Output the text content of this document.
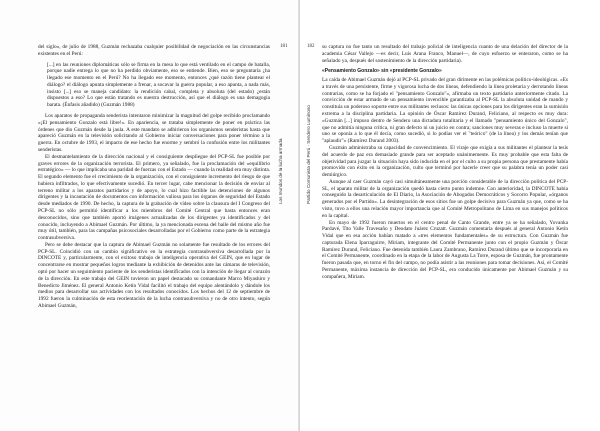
del siglo», de julio de 1988, Guzmán rechazaba cualquier posibilidad de negociación en las circunstancias existentes en el Perú:

[...] en las reuniones diplomáticas sólo se firma en la mesa lo que está ventilado en el campo de batalla, porque nadie entrega lo que no ha perdido obviamente, eso se entiende. Bien, eso se preguntaría ¿ha llegado ese momento en el Perú? No ha llegado ese momento, entonces ¿qué razón tiene plantear el diálogo? el diálogo apunta simplemente a frenar, a socavar la guerra popular, a eso apunta, a nada más, insisto [...] eso se maneja candidato: la rendición cabal, completa y absoluta (del estado) ¿están dispuestos a eso? Lo que están tratando es nuestra destrucción, así que el diálogo es una demagogia barata. (Énfasis añadido) (Guzmán 1988)

Los aparatos de propaganda senderista intentaron minimizar la magnitud del golpe recibido proclamando «¡El pensamiento Gonzalo está libre!». En apariencia, se trataba simplemente de poner en práctica las órdenes que dio Guzmán desde la jaula. A este mandato se adhirieron los organismos senderistas hasta que apareció Guzmán en la televisión solicitando al Gobierno iniciar conversaciones para poner término a la guerra. En octubre de 1993, el impacto de ese hecho fue enorme y sembró la confusión entre los militantes senderistas.

El desmantelamiento de la dirección nacional y el consiguiente despliegue del PCP-SL fue posible por graves errores de la organización terrorista. El primero, ya señalado, fue la proclamación del «equilibrio estratégico» — lo que implicaba una paridad de fuerzas con el Estado — cuando la realidad era muy distinta. El segundo elemento fue el crecimiento de la organización, con el consiguiente incremento del riesgo de que hubiera infiltrados, lo que efectivamente sucedió. En tercer lugar, cabe mencionar la decisión de enviar al terreno militar a los aparatos partidarios y de apoyo, lo cual hizo factible las detenciones de algunos dirigentes y la incautación de documentos con información valiosa para los órganos de seguridad del Estado desde mediados de 1990. De hecho, la captura de la grabación de vídeo sobre la clausura del I Congreso del PCP-SL no sólo permitió identificar a los miembros del Comité Central que hasta entonces eran desconocidos, sino que también aportó imágenes actualizadas de los dirigentes ya identificados y del conocido, incluyendo a Abimael Guzmán. Por último, la ya mencionada escena del baile del mismo año fue muy útil, también, para las campañas psicosociales desarrolladas por el Gobierno como parte de la estrategia contrasubversiva.

Pero se debe destacar que la captura de Abimael Guzmán no solamente fue resultado de los errores del PCP-SL. Coincidió con un cambio significativo en la estrategia contrasubversiva desarrollada por la DINCOTE y, particularmente, con el exitoso trabajo de inteligencia operativa del GEIN, que en lugar de concentrarse en mostrar pequeños logros mediante la exhibición de detenidos ante las cámaras de televisión, optó por hacer un seguimiento paciente de los senderistas identificados con la intención de llegar al corazón de la dirección. En este trabajo del GEIN tuvieron un papel destacado su comandante Marco Miyashiro y Benedicto Jiménez. El general Antonio Ketín Vidal facilitó el trabajo del equipo alentándolo y dándole los medios para desarrollar sus actividades con los resultados conocidos. Los hechos del 12 de septiembre de 1992 fueron la culminación de esta reorientación de la lucha contrasubversiva y no de otro intento, según Abimael Guzmán,

Los mundos de la lucha armada
181	182
Partido Comunista del Perú · Sendero Luminoso

su captura no fue tanto un resultado del trabajo policial de inteligencia cuanto de una delación del director de la academia César Vallejo —es decir, Luis Arana Franco, Manuel—, de cuyo esfuerzo se enteraron, como se ha señalado ya, después del sostenimiento de la dirección partidaria).

«Pensamiento Gonzalo» sin «presidente Gonzalo»

La caída de Abimael Guzmán dejó al PCP-SL privado del gran dirimente en las polémicas político-ideológicas. «Es a través de una persistente, firme y vigorosa lucha de dos líneas, defendiendo la línea proletaria y derrotando líneas contrarias, como se ha forjado el "pensamiento Gonzalo"», afirmaba un texto partidario anteriormente citado. La convicción de estar armado de un pensamiento invencible garantizaba al PCP-SL la absoluta unidad de mando y constituía un poderoso soporte entre sus militantes reclusos: las únicas opciones para los dirigentes eran la sumisión extrema a la disciplina partidaria. La opinión de Óscar Ramírez Durand, Feliciano, al respecto es muy dura: «Guzmán [...] impuso dentro de Sendero una dictadura totalitaria y el llamado "pensamiento único del Gonzalo", que no admitía ninguna crítica, ni gran defecto ni un juicio en contra; sanciones muy severas e incluso la muerte si uno se oponía a lo que él decía, como sucedió, si lo podías ver el "teórico" (de la línea) y los demás tenían que "aplaudir"» (Ramírez Durand 2003).

Guzmán administraba su capacidad de convencimiento. El viraje que exigía a sus militantes el plantear la tesis del acuerdo de paz era demasiado grande para ser aceptado unánimemente. Es muy probable que esta falta de objetividad para juzgar la situación haya sido inducida en el por el culto a su propia persona que prestamente había promovido con éxito en la organización, culto que terminó por hacerle creer que su palabra tenía un poder casi demiúrgico.

Aunque al caer Guzmán cayó casi simultáneamente una porción considerable de la dirección política del PCP-SL, el aparato militar de la organización quedó hasta cierto punto indemne. Con anterioridad, la DINCOTE había conseguido la desarticulación de El Diario, la Asociación de Abogados Democráticos y Socorro Popular, «órganos generados por el Partido». La desintegración de esos sitios fue un golpe decisivo para Guzmán ya que, como se ha visto, tuvo a ellos una relación mayor importancia que al Comité Metropolitano de Lima en sus manejos políticos en la capital.

En mayo de 1992 fueron muertos en el centro penal de Canto Grande, entre ya se ha señalado, Yovanka Pardavé, Tito Valle Travesaño y Deodato Juárez Cruzatt. Guzmán comentaría después al general Antonio Ketín Vidal que en esa acción habían matado a «tres elementos fundamentales» de su estructura. Con Guzmán fue capturada Elena Iparraguirre, Miriam, integrante del Comité Permanente junto con el propio Guzmán y Óscar Ramírez Durand, Feliciano. Fue detenida también Laura Zambrano, Ramírez Durand último que se incorporaría en el Comité Permanente, coordinado en la etapa de la labor de Augusta La Torre, esposa de Guzmán, fue prontamente fueron pasada que, en torno el fin del campo, no podía asistir a las reuniones para tomar decisiones. Así, el Comité Permanente, máxima instancia de dirección del PCP-SL, era conducido únicamente por Abimael Guzmán y su compañera, Miriam.
